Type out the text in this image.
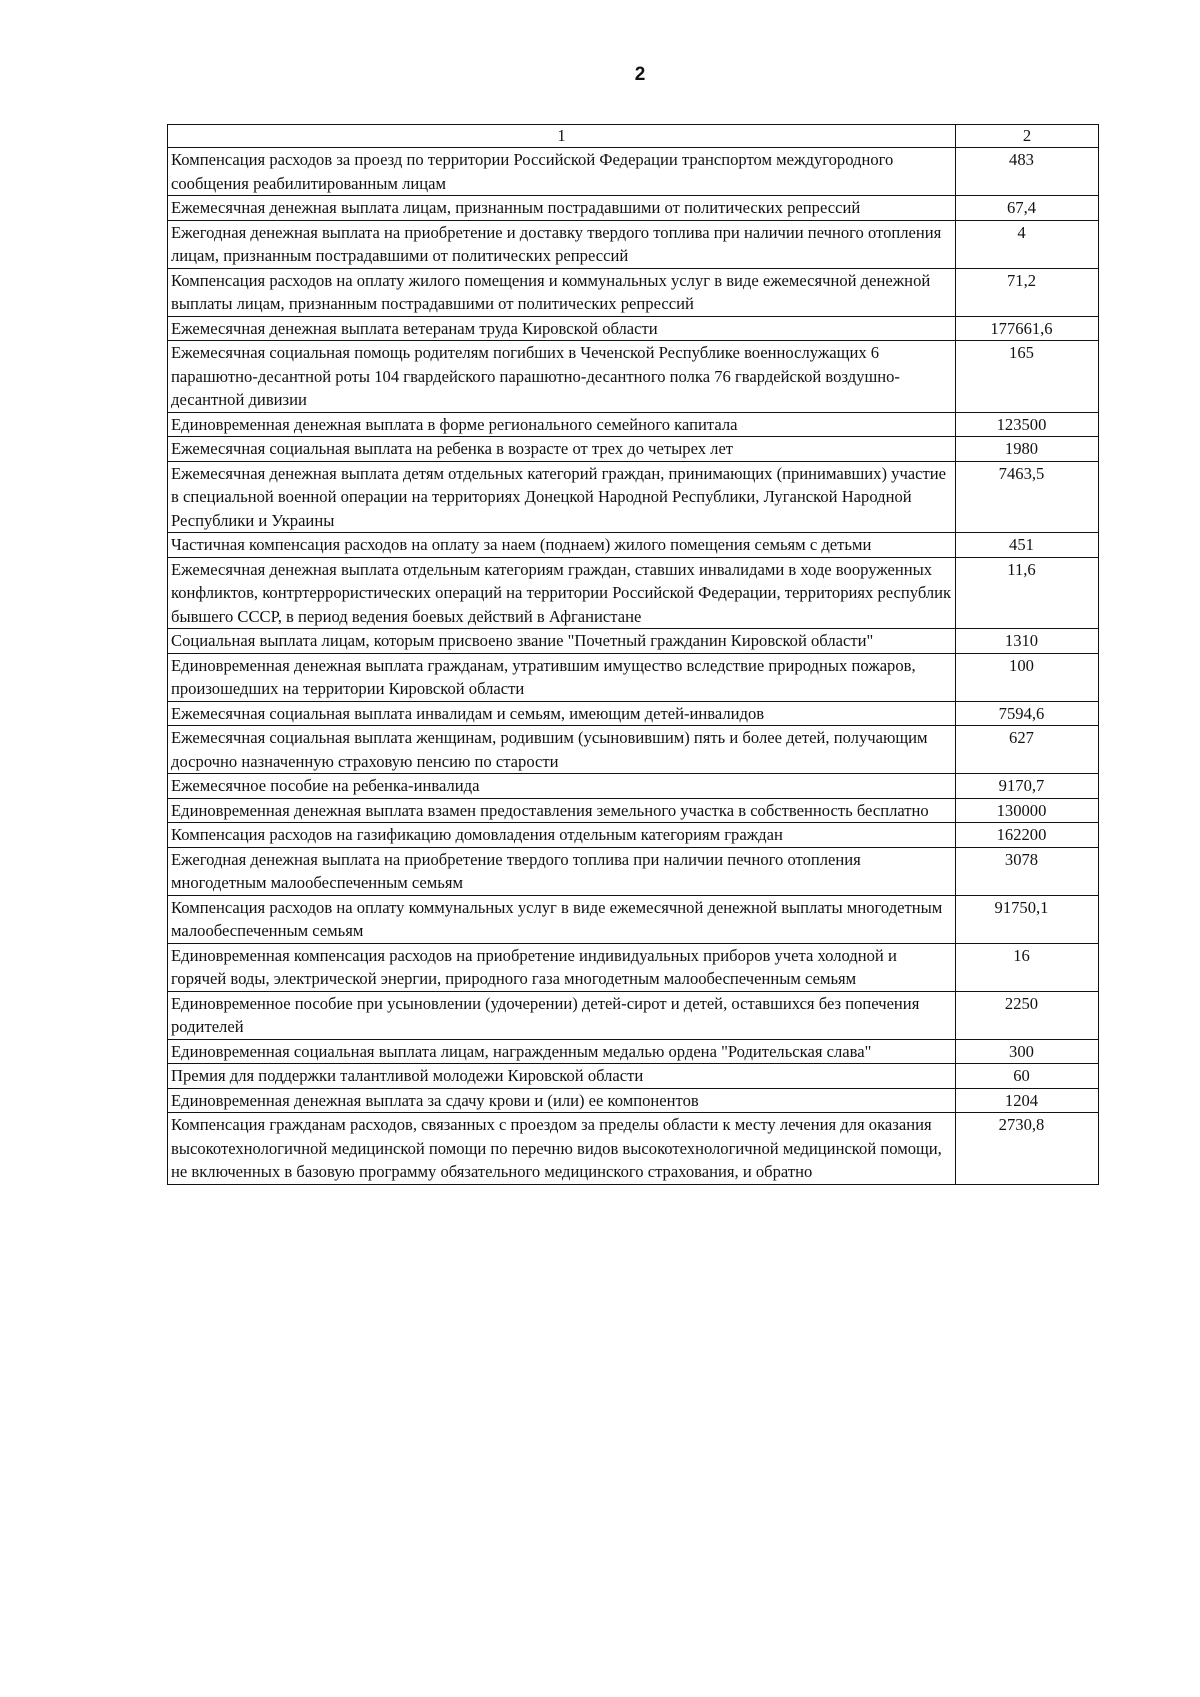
2
1	2
Компенсация расходов за проезд по территории Российской Федерации транспортом междугородного сообщения реабилитированным лицам	483
Ежемесячная денежная выплата лицам, признанным пострадавшими от политических репрессий	67,4
Ежегодная денежная выплата на приобретение и доставку твердого топлива при наличии печного отопления лицам, признанным пострадавшими от политических репрессий	4
Компенсация расходов на оплату жилого помещения и коммунальных услуг в виде ежемесячной денежной выплаты лицам, признанным пострадавшими от политических репрессий	71,2
Ежемесячная денежная выплата ветеранам труда Кировской области	177661,6
Ежемесячная социальная помощь родителям погибших в Чеченской Республике военнослужащих 6 парашютно-десантной роты 104 гвардейского парашютно-десантного полка 76 гвардейской воздушно-десантной дивизии	165
Единовременная денежная выплата в форме регионального семейного капитала	123500
Ежемесячная социальная выплата на ребенка в возрасте от трех до четырех лет	1980
Ежемесячная денежная выплата детям отдельных категорий граждан, принимающих (принимавших) участие в специальной военной операции на территориях Донецкой Народной Республики, Луганской Народной Республики и Украины	7463,5
Частичная компенсация расходов на оплату за наем (поднаем) жилого помещения семьям с детьми	451
Ежемесячная денежная выплата отдельным категориям граждан, ставших инвалидами в ходе вооруженных конфликтов, контртеррористических операций на территории Российской Федерации, территориях республик бывшего СССР, в период ведения боевых действий в Афганистане	11,6
Социальная выплата лицам, которым присвоено звание "Почетный гражданин Кировской области"	1310
Единовременная денежная выплата гражданам, утратившим имущество вследствие природных пожаров, произошедших на территории Кировской области	100
Ежемесячная социальная выплата инвалидам и семьям, имеющим детей-инвалидов	7594,6
Ежемесячная социальная выплата женщинам, родившим (усыновившим) пять и более детей, получающим досрочно назначенную страховую пенсию по старости	627
Ежемесячное пособие на ребенка-инвалида	9170,7
Единовременная денежная выплата взамен предоставления земельного участка в собственность бесплатно	130000
Компенсация расходов на газификацию домовладения отдельным категориям граждан	162200
Ежегодная денежная выплата на приобретение твердого топлива при наличии печного отопления многодетным малообеспеченным семьям	3078
Компенсация расходов на оплату коммунальных услуг в виде ежемесячной денежной выплаты многодетным малообеспеченным семьям	91750,1
Единовременная компенсация расходов на приобретение индивидуальных приборов учета холодной и горячей воды, электрической энергии, природного газа многодетным малообеспеченным семьям	16
Единовременное пособие при усыновлении (удочерении) детей-сирот и детей, оставшихся без попечения родителей	2250
Единовременная социальная выплата лицам, награжденным медалью ордена "Родительская слава"	300
Премия для поддержки талантливой молодежи Кировской области	60
Единовременная денежная выплата за сдачу крови и (или) ее компонентов	1204
Компенсация гражданам расходов, связанных с проездом за пределы области к месту лечения для оказания высокотехнологичной медицинской помощи по перечню видов высокотехнологичной медицинской помощи, не включенных в базовую программу обязательного медицинского страхования, и обратно	2730,8
